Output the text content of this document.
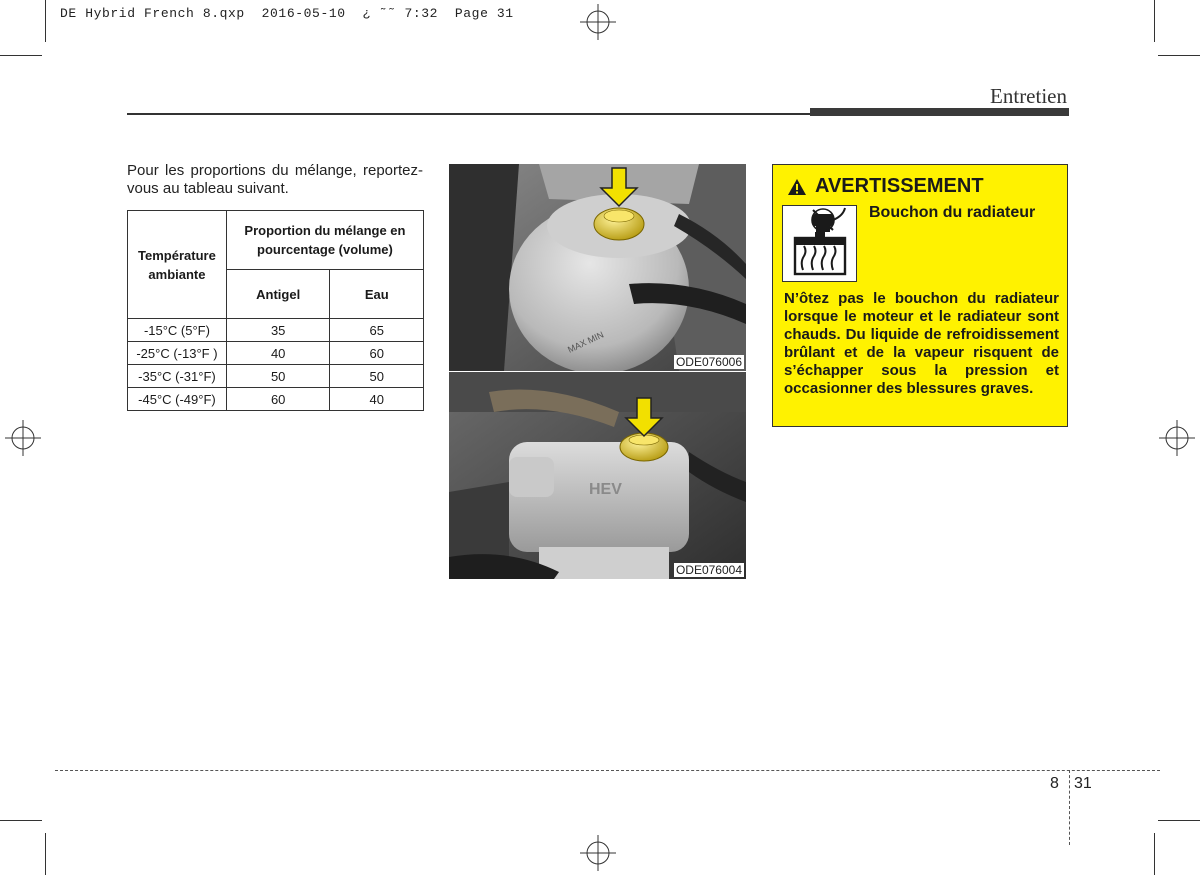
DE Hybrid French 8.qxp  2016-05-10  ¿ ˜˜ 7:32  Page 31
Entretien
Pour les proportions du mélange, reportez-vous au tableau suivant.
Température ambiante	Proportion du mélange en pourcentage (volume)	
	Antigel	Eau
-15°C (5°F)	35	65
-25°C (-13°F )	40	60
-35°C (-31°F)	50	50
-45°C (-49°F)	60	40
MAX MIN
ODE076006
HEV
ODE076004
AVERTISSEMENT
Bouchon du radiateur
N’ôtez pas le bouchon du radiateur lorsque le moteur et le radiateur sont chauds. Du liquide de refroidissement brûlant et de la vapeur risquent de s’échapper sous la pression et occasionner des blessures graves.
8 31
